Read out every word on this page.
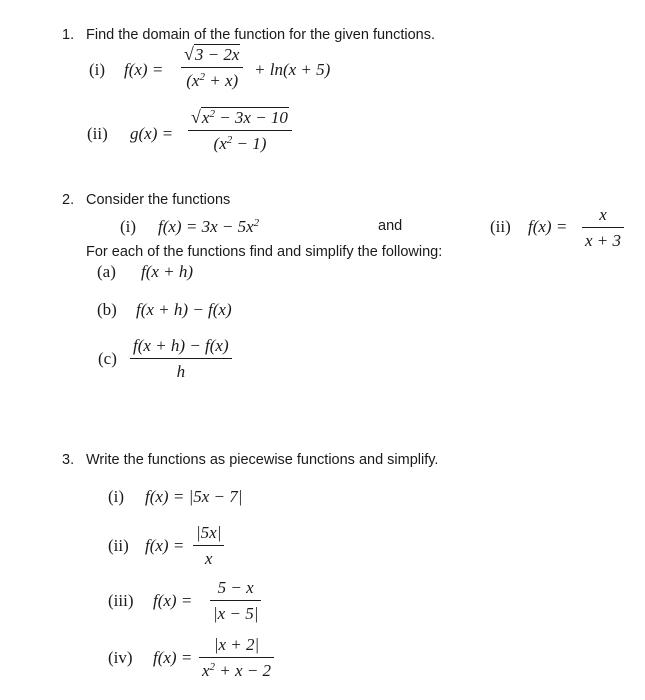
1. Find the domain of the function for the given functions.
(i) $f(x) = \frac{√3 - 2x}{(x^2 + x)} + \ln(x + 5)$
(ii) $g(x) = \frac{√x^2 - 3x - 10}{(x^2 - 1)}$
2. Consider the functions
(i) $f(x) = 3x - 5x^2$	and	(ii) $f(x) = \frac{x}{x + 3}$
For each of the functions find and simplify the following:
(a) f(x + h)
(b) f(x + h) − f(x)
$(c) \frac{f(x + h) - f(x)}{h}$
3. Write the functions as piecewise functions and simplify.
(i) f(x) = |5x − 7|
(ii) $f(x) = \frac{|5x|}{x}$
(iii) $f(x) = \frac{5 - x}{|x - 5|}$
(iv) $f(x) = \frac{|x + 2|}{x^2 + x - 2}$
